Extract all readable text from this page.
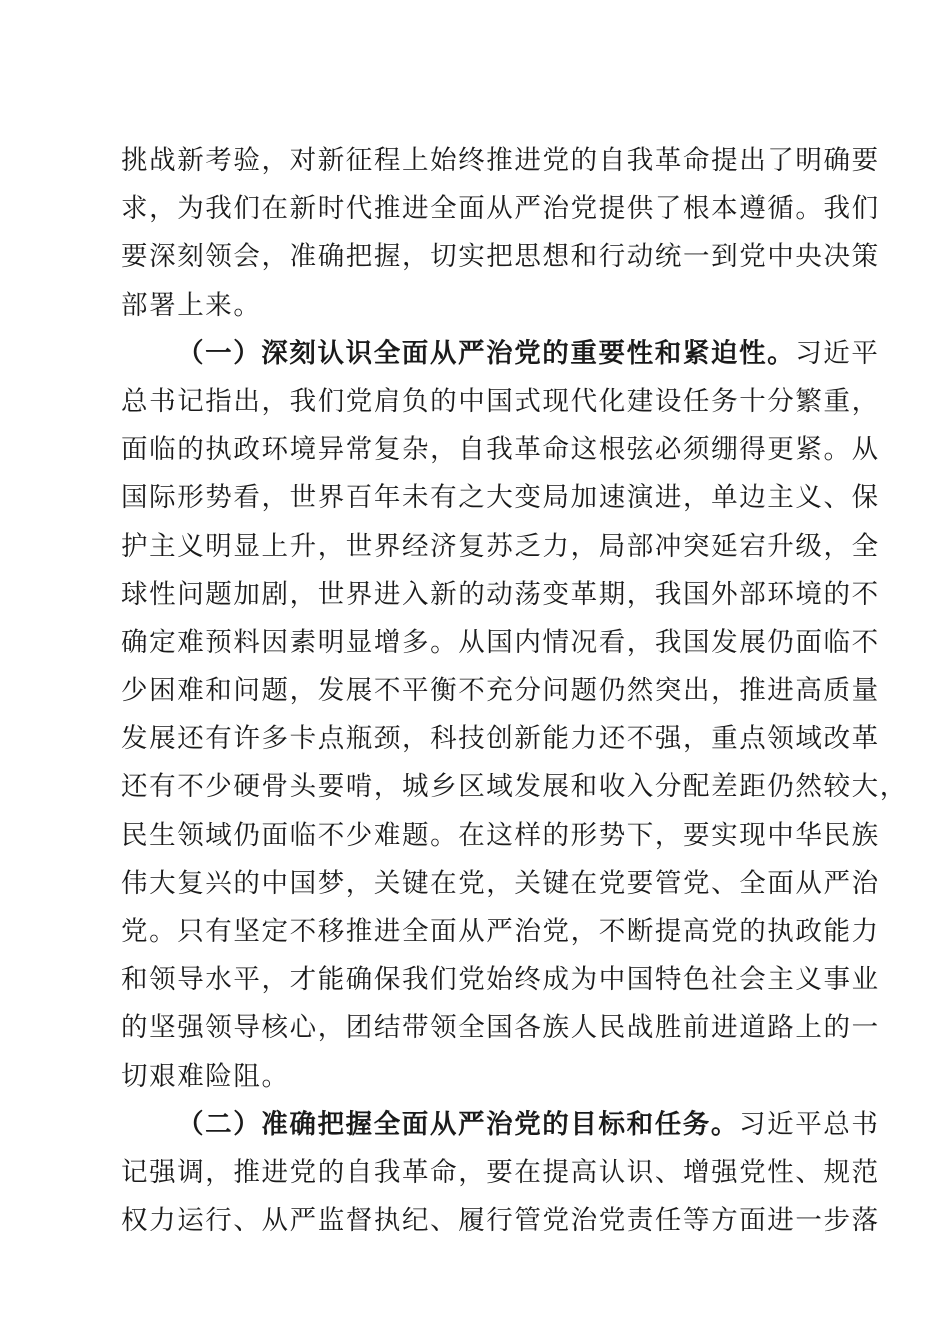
挑战新考验，对新征程上始终推进党的自我革命提出了明确要
求，为我们在新时代推进全面从严治党提供了根本遵循。我们
要深刻领会，准确把握，切实把思想和行动统一到党中央决策
部署上来。
（一）深刻认识全面从严治党的重要性和紧迫性。习近平
总书记指出，我们党肩负的中国式现代化建设任务十分繁重，
面临的执政环境异常复杂，自我革命这根弦必须绷得更紧。从
国际形势看，世界百年未有之大变局加速演进，单边主义、保
护主义明显上升，世界经济复苏乏力，局部冲突延宕升级，全
球性问题加剧，世界进入新的动荡变革期，我国外部环境的不
确定难预料因素明显增多。从国内情况看，我国发展仍面临不
少困难和问题，发展不平衡不充分问题仍然突出，推进高质量
发展还有许多卡点瓶颈，科技创新能力还不强，重点领域改革
还有不少硬骨头要啃，城乡区域发展和收入分配差距仍然较大，
民生领域仍面临不少难题。在这样的形势下，要实现中华民族
伟大复兴的中国梦，关键在党，关键在党要管党、全面从严治
党。只有坚定不移推进全面从严治党，不断提高党的执政能力
和领导水平，才能确保我们党始终成为中国特色社会主义事业
的坚强领导核心，团结带领全国各族人民战胜前进道路上的一
切艰难险阻。
（二）准确把握全面从严治党的目标和任务。习近平总书
记强调，推进党的自我革命，要在提高认识、增强党性、规范
权力运行、从严监督执纪、履行管党治党责任等方面进一步落
